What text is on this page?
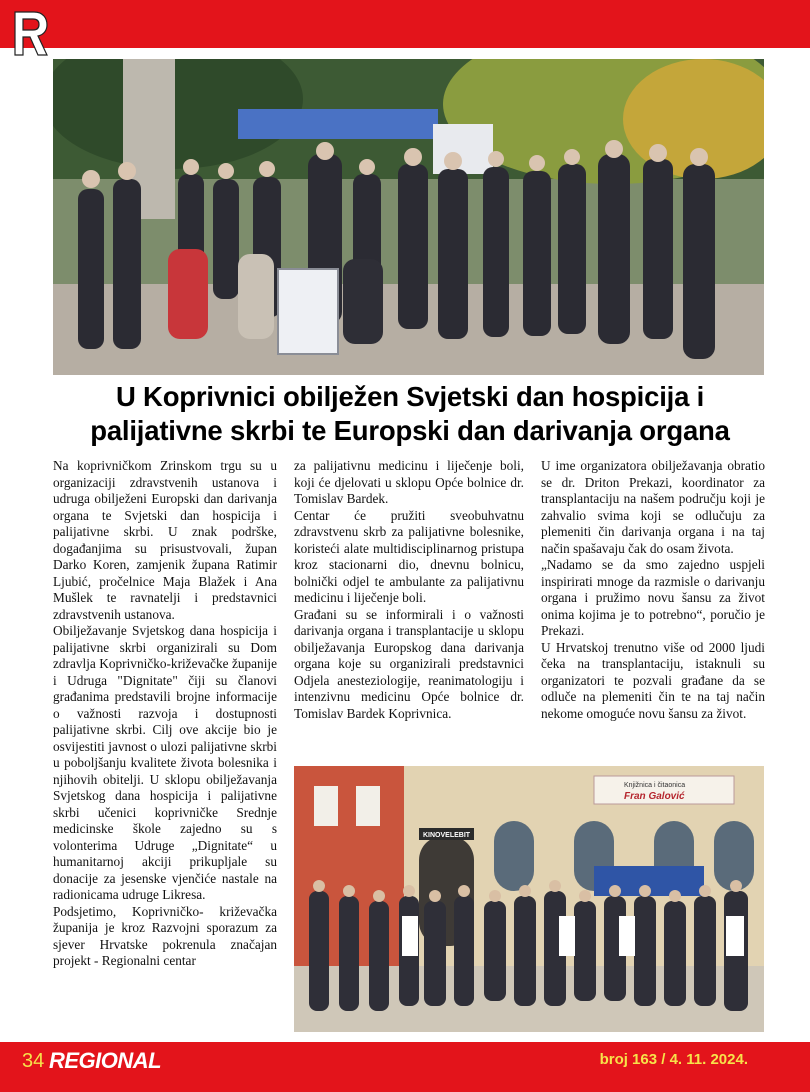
U Koprivnici obilježen Svjetski dan hospicija i palijativne skrbi te Europski dan darivanja organa

Na koprivničkom Zrinskom trgu su u organizaciji zdravstvenih ustanova i udruga obilježeni Europski dan darivanja organa te Svjetski dan hospicija i palijativne skrbi. U znak podrške, događanjima su prisustvovali, župan Darko Koren, zamjenik župana Ratimir Ljubić, pročelnice Maja Blažek i Ana Mušlek te ravnatelji i predstavnici zdravstvenih ustanova.

Obilježavanje Svjetskog dana hospicija i palijativne skrbi organizirali su Dom zdravlja Koprivničko-križevačke županije i Udruga "Dignitate" čiji su članovi građanima predstavili brojne informacije o važnosti razvoja i dostupnosti palijativne skrbi. Cilj ove akcije bio je osvijestiti javnost o ulozi palijativne skrbi u poboljšanju kvalitete života bolesnika i njihovih obitelji. U sklopu obilježavanja Svjetskog dana hospicija i palijativne skrbi učenici koprivničke Srednje medicinske škole zajedno su s volonterima Udruge „Dignitate“ u humanitarnoj akciji prikupljale su donacije za jesenske vjenčiće nastale na radionicama udruge Likresa.

Podsjetimo, Koprivničko- križevačka županija je kroz Razvojni sporazum za sjever Hrvatske pokrenula značajan projekt - Regionalni centar

za palijativnu medicinu i liječenje boli, koji će djelovati u sklopu Opće bolnice dr. Tomislav Bardek.

Centar će pružiti sveobuhvatnu zdravstvenu skrb za palijativne bolesnike, koristeći alate multidisciplinarnog pristupa kroz stacionarni dio, dnevnu bolnicu, bolnički odjel te ambulante za palijativnu medicinu i liječenje boli.

Građani su se informirali i o važnosti darivanja organa i transplantacije u sklopu obilježavanja Europskog dana darivanja organa koje su organizirali predstavnici Odjela anesteziologije, reanimatologiju i intenzivnu medicinu Opće bolnice dr. Tomislav Bardek Koprivnica.

U ime organizatora obilježavanja obratio se dr. Driton Prekazi, koordinator za transplantaciju na našem području koji je zahvalio svima koji se odlučuju za plemeniti čin darivanja organa i na taj način spašavaju čak do osam života.

„Nadamo se da smo zajedno uspjeli inspirirati mnoge da razmisle o darivanju organa i pružimo novu šansu za život onima kojima je to potrebno“, poručio je Prekazi.

U Hrvatskoj trenutno više od 2000 ljudi čeka na transplantaciju, istaknuli su organizatori te pozvali građane da se odluče na plemeniti čin te na taj način nekome omoguće novu šansu za život.

Knjižnica i čitaonica
Fran Galović
KINOVELEBIT
34 REGIONAL	broj 163 / 4. 11. 2024.
